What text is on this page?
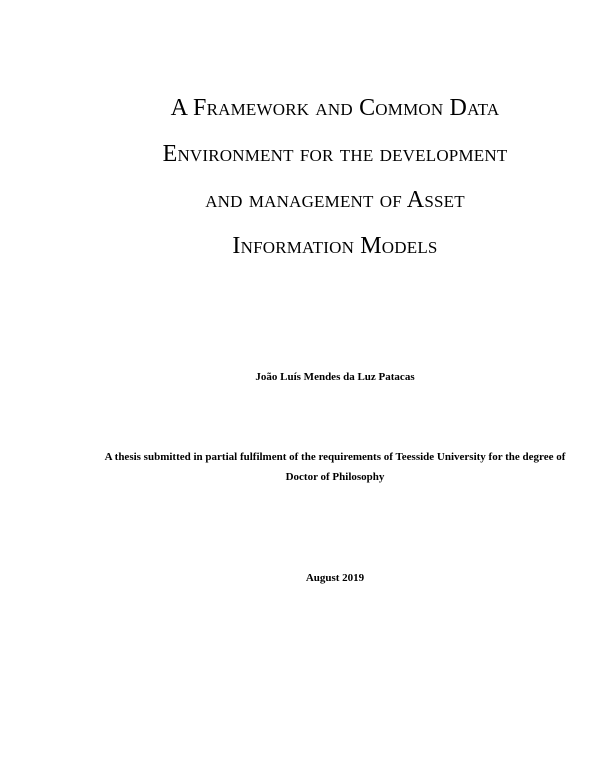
A Framework and Common Data
Environment for the development
and management of Asset
Information Models
João Luís Mendes da Luz Patacas
A thesis submitted in partial fulfilment of the requirements of Teesside University for the degree of Doctor of Philosophy
August 2019
